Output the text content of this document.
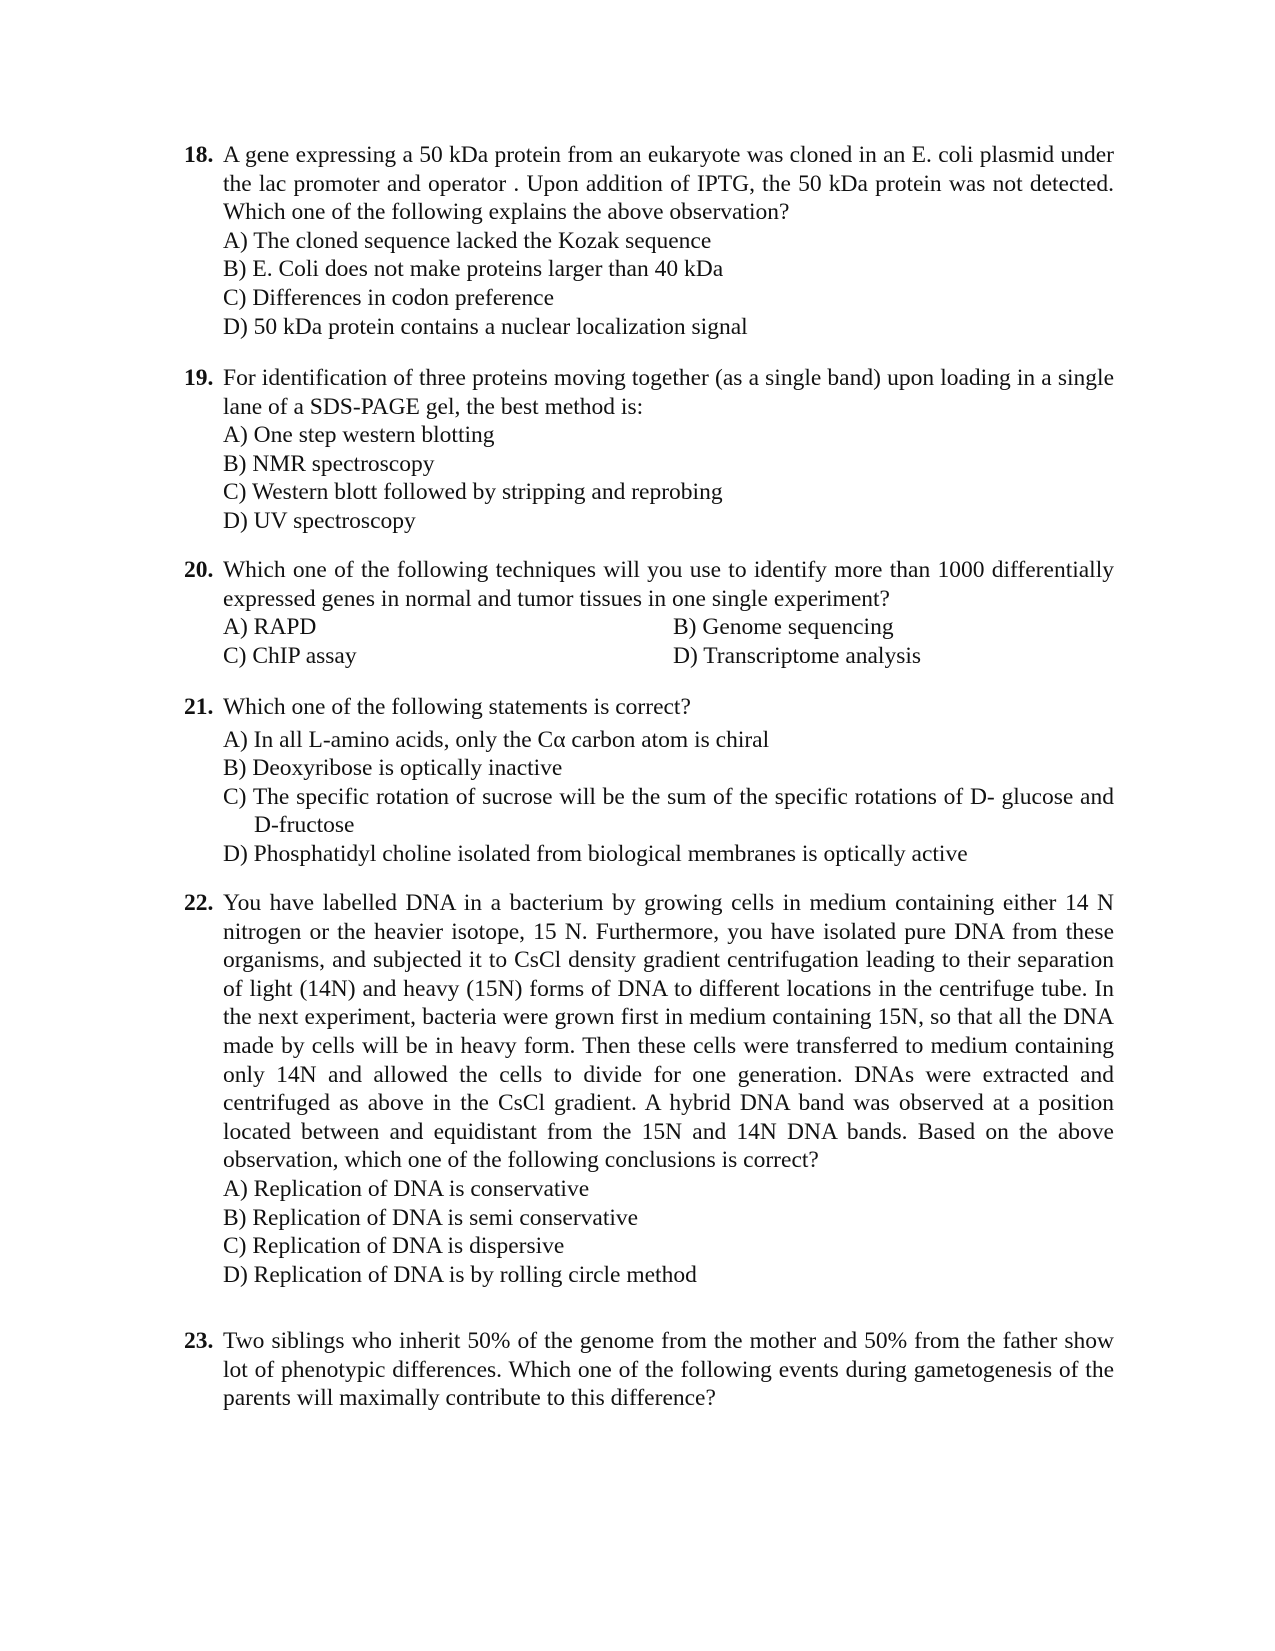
18. A gene expressing a 50 kDa protein from an eukaryote was cloned in an E. coli plasmid under the lac promoter and operator . Upon addition of IPTG, the 50 kDa protein was not detected. Which one of the following explains the above observation?
A) The cloned sequence lacked the Kozak sequence
B) E. Coli does not make proteins larger than 40 kDa
C) Differences in codon preference
D) 50 kDa protein contains a nuclear localization signal
19. For identification of three proteins moving together (as a single band) upon loading in a single lane of a SDS-PAGE gel, the best method is:
A) One step western blotting
B) NMR spectroscopy
C) Western blott followed by stripping and reprobing
D) UV spectroscopy
20. Which one of the following techniques will you use to identify more than 1000 differentially expressed genes in normal and tumor tissues in one single experiment?
A) RAPD	B) Genome sequencing
C) ChIP assay	D) Transcriptome analysis
21. Which one of the following statements is correct?
A) In all L-amino acids, only the Cα carbon atom is chiral
B) Deoxyribose is optically inactive
C) The specific rotation of sucrose will be the sum of the specific rotations of D- glucose and D-fructose
D) Phosphatidyl choline isolated from biological membranes is optically active
22. You have labelled DNA in a bacterium by growing cells in medium containing either 14 N nitrogen or the heavier isotope, 15 N. Furthermore, you have isolated pure DNA from these organisms, and subjected it to CsCl density gradient centrifugation leading to their separation of light (14N) and heavy (15N) forms of DNA to different locations in the centrifuge tube. In the next experiment, bacteria were grown first in medium containing 15N, so that all the DNA made by cells will be in heavy form. Then these cells were transferred to medium containing only 14N and allowed the cells to divide for one generation. DNAs were extracted and centrifuged as above in the CsCl gradient. A hybrid DNA band was observed at a position located between and equidistant from the 15N and 14N DNA bands. Based on the above observation, which one of the following conclusions is correct?
A) Replication of DNA is conservative
B) Replication of DNA is semi conservative
C) Replication of DNA is dispersive
D) Replication of DNA is by rolling circle method
23. Two siblings who inherit 50% of the genome from the mother and 50% from the father show lot of phenotypic differences. Which one of the following events during gametogenesis of the parents will maximally contribute to this difference?
